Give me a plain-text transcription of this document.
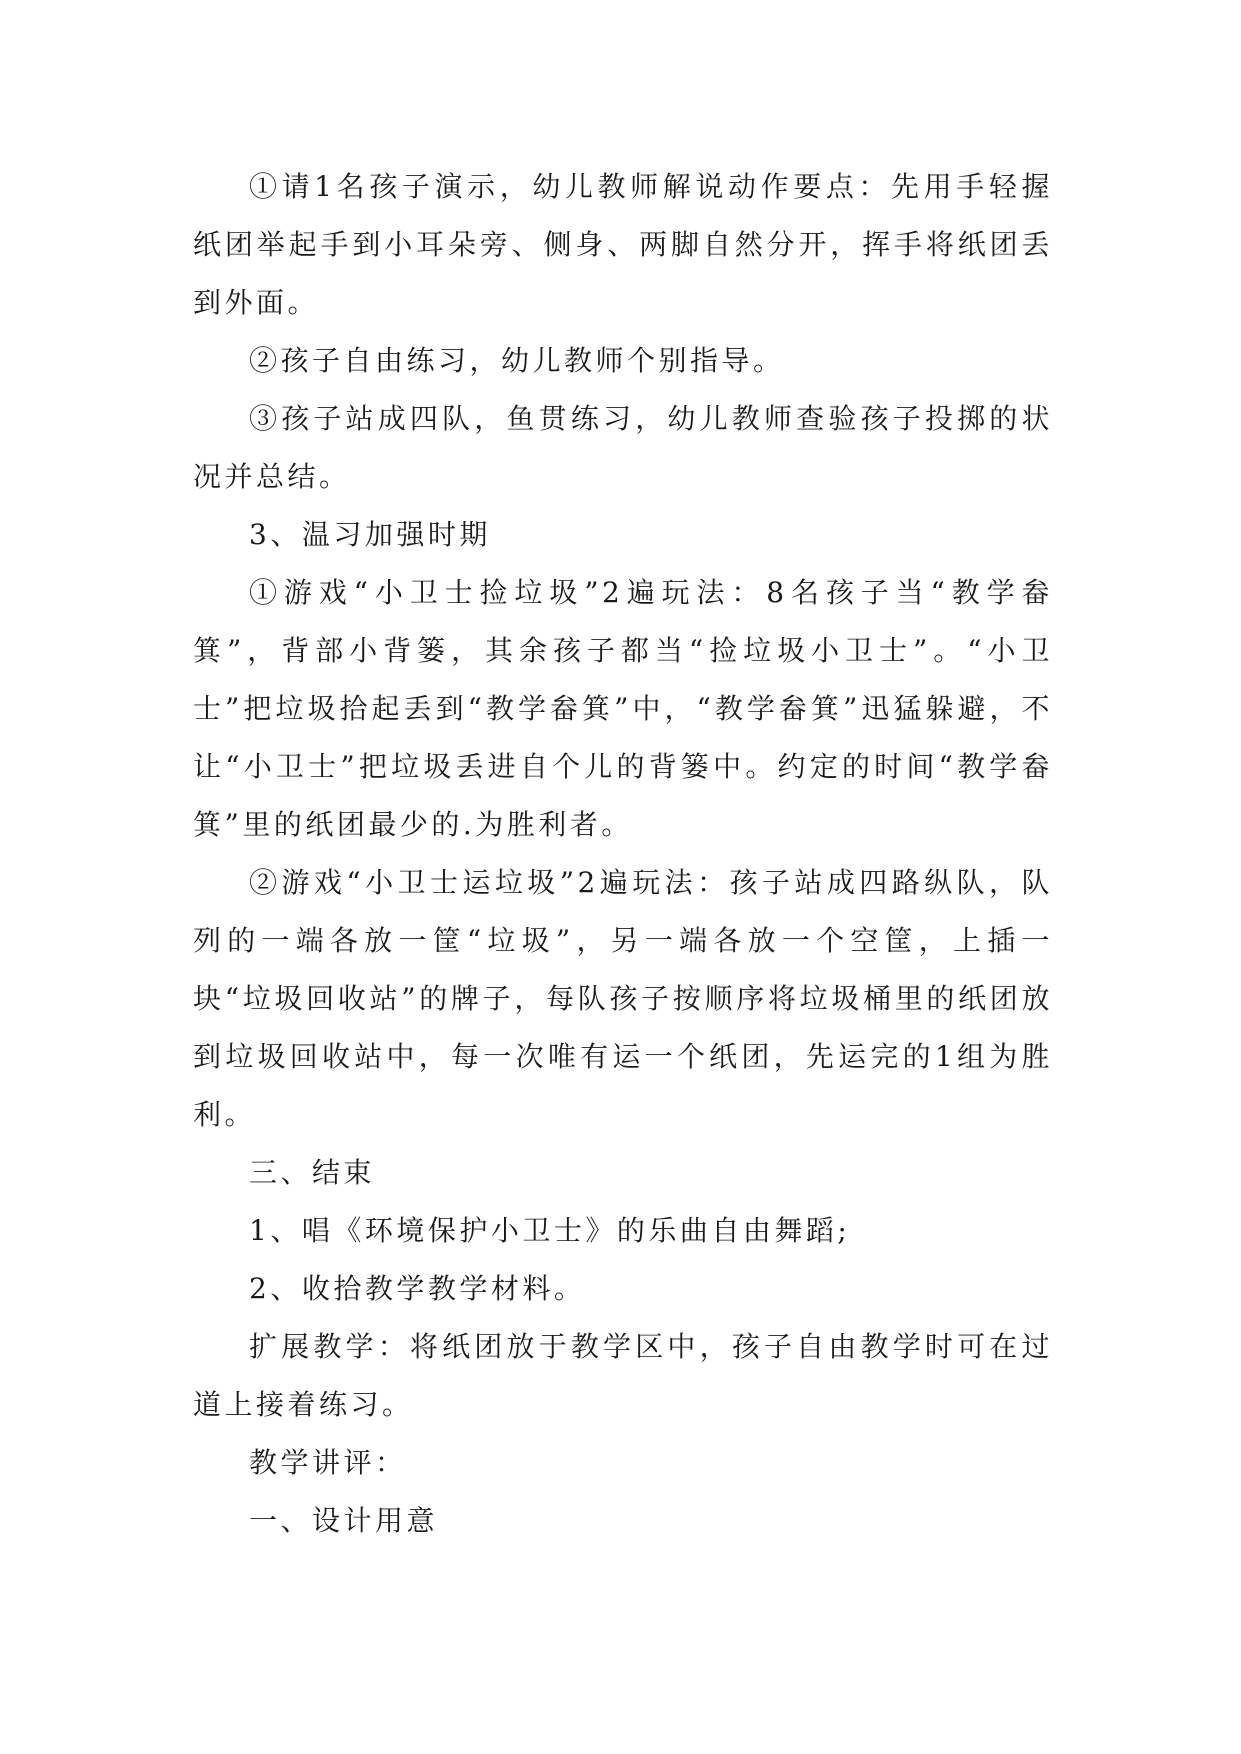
①请1名孩子演示，幼儿教师解说动作要点：先用手轻握纸团举起手到小耳朵旁、侧身、两脚自然分开，挥手将纸团丢到外面。

②孩子自由练习，幼儿教师个别指导。

③孩子站成四队，鱼贯练习，幼儿教师查验孩子投掷的状况并总结。

3、温习加强时期

①游戏“小卫士捡垃圾”2遍玩法：8名孩子当“教学畚箕”，背部小背篓，其余孩子都当“捡垃圾小卫士”。“小卫士”把垃圾拾起丢到“教学畚箕”中，“教学畚箕”迅猛躲避，不让“小卫士”把垃圾丢进自个儿的背篓中。约定的时间“教学畚箕”里的纸团最少的.为胜利者。

②游戏“小卫士运垃圾”2遍玩法：孩子站成四路纵队，队列的一端各放一筐“垃圾”，另一端各放一个空筐，上插一块“垃圾回收站”的牌子，每队孩子按顺序将垃圾桶里的纸团放到垃圾回收站中，每一次唯有运一个纸团，先运完的1组为胜利。

三、结束

1、唱《环境保护小卫士》的乐曲自由舞蹈;

2、收拾教学教学材料。

扩展教学：将纸团放于教学区中，孩子自由教学时可在过道上接着练习。

教学讲评：

一、设计用意
